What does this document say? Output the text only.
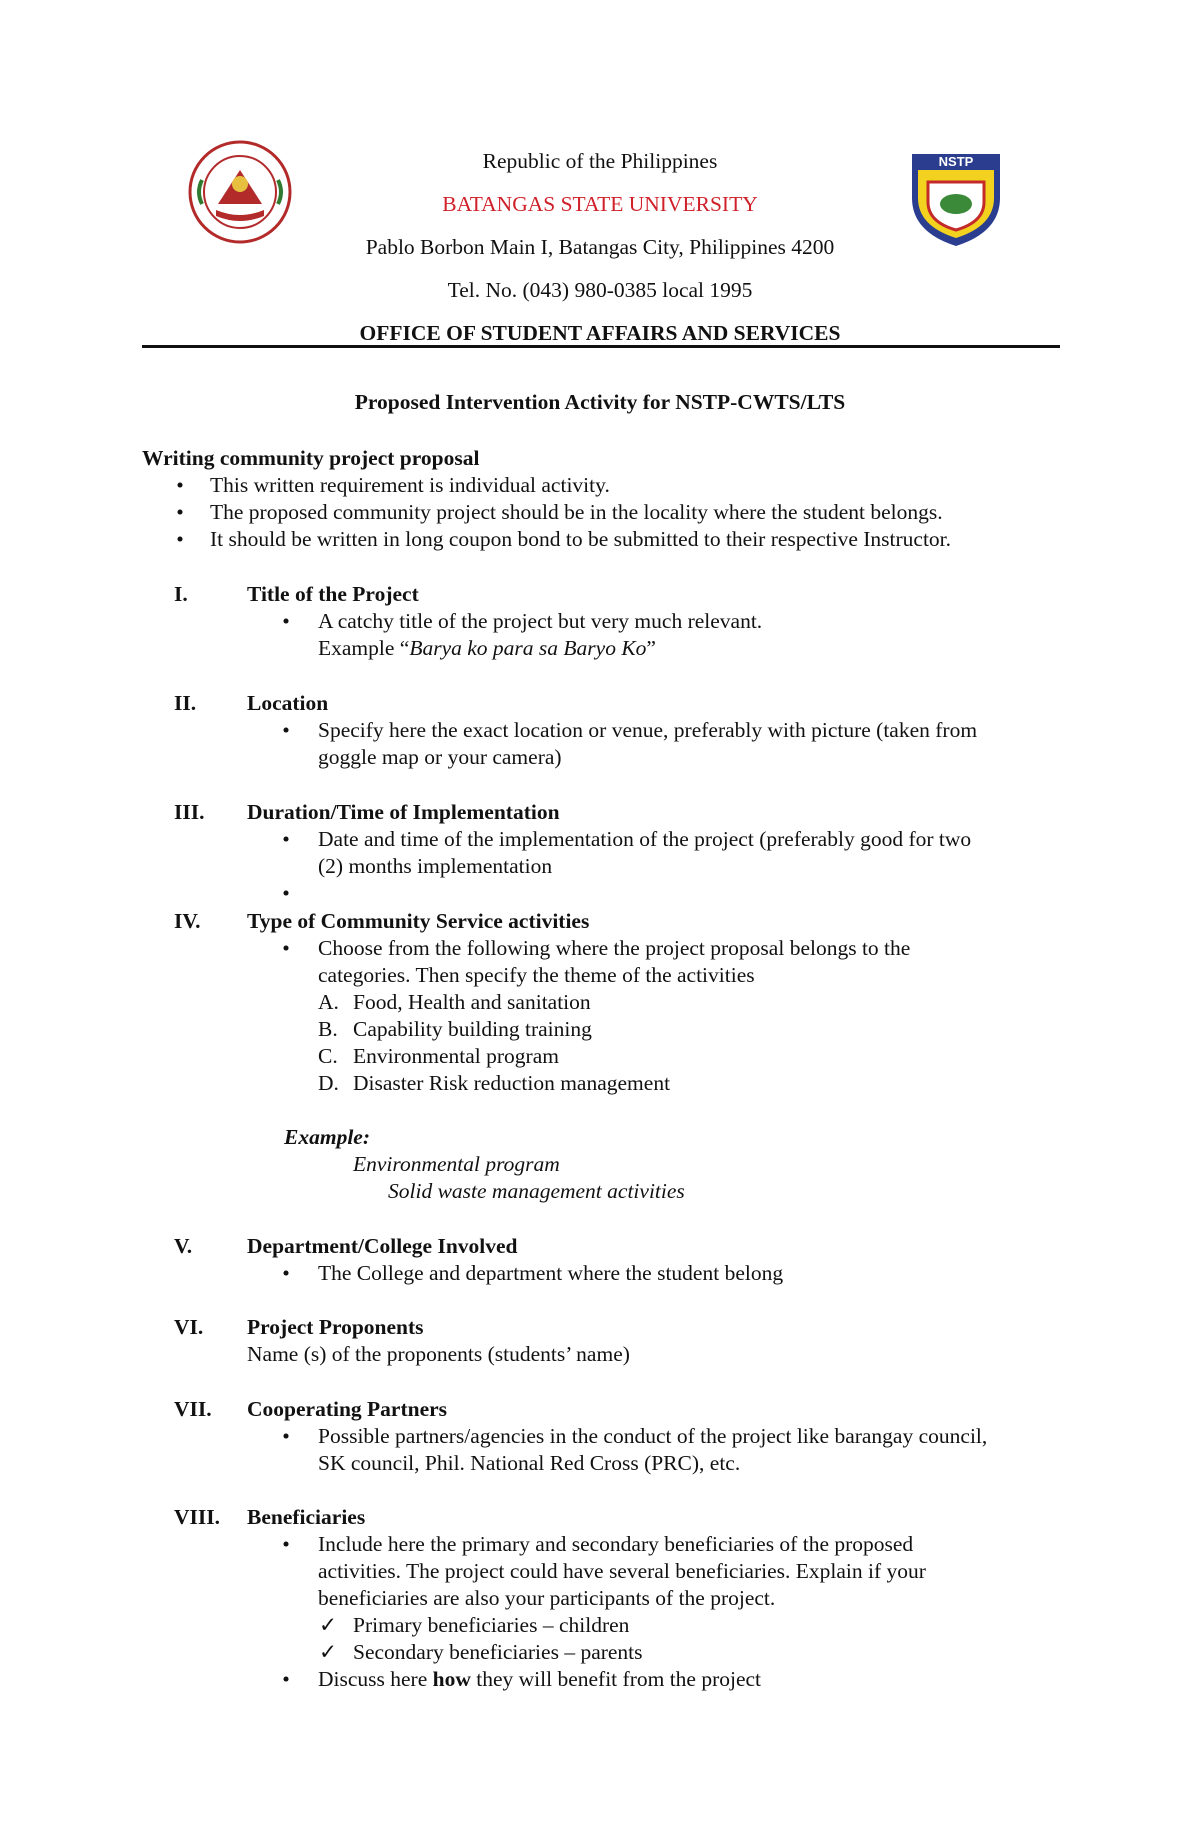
NSTP
Republic of the Philippines
BATANGAS STATE UNIVERSITY
Pablo Borbon Main I, Batangas City, Philippines 4200
Tel. No. (043) 980-0385 local 1995
OFFICE OF STUDENT AFFAIRS AND SERVICES
Proposed Intervention Activity for NSTP-CWTS/LTS
Writing community project proposal
• This written requirement is individual activity.
• The proposed community project should be in the locality where the student belongs.
• It should be written in long coupon bond to be submitted to their respective Instructor.
I.	Title of the Project
• A catchy title of the project but very much relevant.
Example “Barya ko para sa Baryo Ko”
II. Location
• Specify here the exact location or venue, preferably with picture (taken from
goggle map or your camera)
III. Duration/Time of Implementation
• Date and time of the implementation of the project (preferably good for two
(2) months implementation
•
IV. Type of Community Service activities
• Choose from the following where the project proposal belongs to the
categories. Then specify the theme of the activities
A. Food, Health and sanitation
B. Capability building training
C. Environmental program
D. Disaster Risk reduction management
Example:
Environmental program
Solid waste management activities
V.	Department/College Involved
• The College and department where the student belong
VI. Project Proponents
Name (s) of the proponents (students’ name)
VII. Cooperating Partners
• Possible partners/agencies in the conduct of the project like barangay council,
SK council, Phil. National Red Cross (PRC), etc.
VIII. Beneficiaries
• Include here the primary and secondary beneficiaries of the proposed
activities. The project could have several beneficiaries. Explain if your
beneficiaries are also your participants of the project.
✓ Primary beneficiaries – children
✓ Secondary beneficiaries – parents
• Discuss here how they will benefit from the project
